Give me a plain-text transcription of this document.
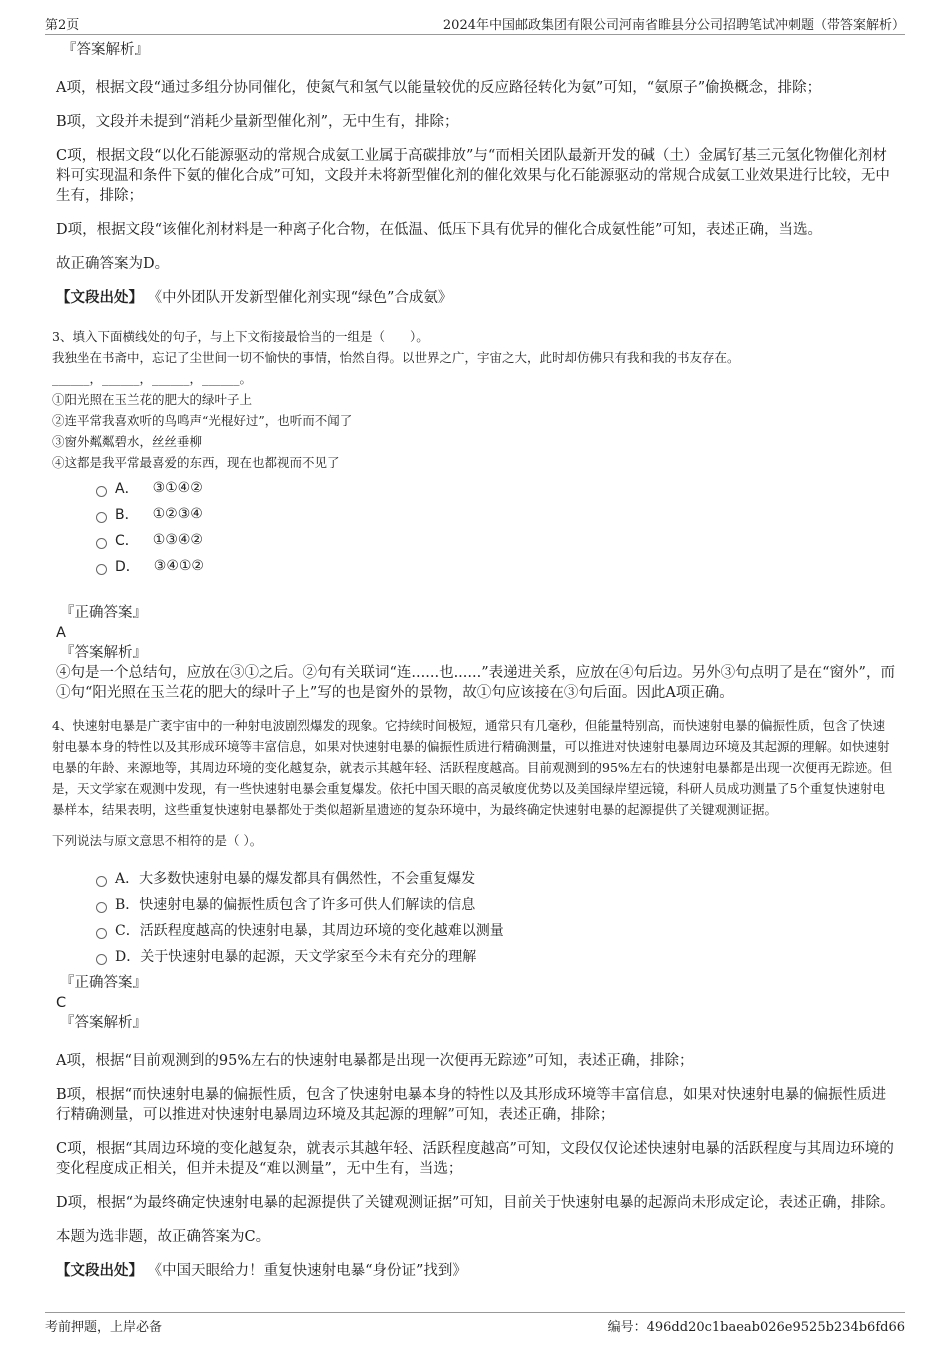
第2页	2024年中国邮政集团有限公司河南省睢县分公司招聘笔试冲刺题（带答案解析）

『答案解析』

A项，根据文段“通过多组分协同催化，使氮气和氢气以能量较优的反应路径转化为氨”可知，“氨原子”偷换概念，排除；

B项，文段并未提到“消耗少量新型催化剂”，无中生有，排除；

C项，根据文段“以化石能源驱动的常规合成氨工业属于高碳排放”与“而相关团队最新开发的碱（土）金属钌基三元氢化物催化剂材料可实现温和条件下氨的催化合成”可知，文段并未将新型催化剂的催化效果与化石能源驱动的常规合成氨工业效果进行比较，无中生有，排除；

D项，根据文段“该催化剂材料是一种离子化合物，在低温、低压下具有优异的催化合成氨性能”可知，表述正确，当选。

故正确答案为D。

【文段出处】 《中外团队开发新型催化剂实现“绿色”合成氨》

3、填入下面横线处的句子，与上下文衔接最恰当的一组是（　　）。

我独坐在书斋中，忘记了尘世间一切不愉快的事情，怡然自得。以世界之广，宇宙之大，此时却仿佛只有我和我的书友存在。

______，______，______，______。

①阳光照在玉兰花的肥大的绿叶子上

②连平常我喜欢听的鸟鸣声“光棍好过”，也听而不闻了

③窗外粼粼碧水，丝丝垂柳

④这都是我平常最喜爱的东西，现在也都视而不见了

A． ③①④②
B． ①②③④
C． ①③④②
D． ③④①②

『正确答案』

A

『答案解析』

④句是一个总结句，应放在③①之后。②句有关联词“连......也......”表递进关系，应放在④句后边。另外③句点明了是在“窗外”，而①句“阳光照在玉兰花的肥大的绿叶子上”写的也是窗外的景物，故①句应该接在③句后面。因此A项正确。

4、快速射电暴是广袤宇宙中的一种射电波剧烈爆发的现象。它持续时间极短，通常只有几毫秒，但能量特别高，而快速射电暴的偏振性质，包含了快速射电暴本身的特性以及其形成环境等丰富信息，如果对快速射电暴的偏振性质进行精确测量，可以推进对快速射电暴周边环境及其起源的理解。如快速射电暴的年龄、来源地等，其周边环境的变化越复杂，就表示其越年轻、活跃程度越高。目前观测到的95%左右的快速射电暴都是出现一次便再无踪迹。但是，天文学家在观测中发现，有一些快速射电暴会重复爆发。依托中国天眼的高灵敏度优势以及美国绿岸望远镜，科研人员成功测量了5个重复快速射电暴样本，结果表明，这些重复快速射电暴都处于类似超新星遗迹的复杂环境中，为最终确定快速射电暴的起源提供了关键观测证据。

下列说法与原文意思不相符的是（ ）。

A． 大多数快速射电暴的爆发都具有偶然性，不会重复爆发
B． 快速射电暴的偏振性质包含了许多可供人们解读的信息
C． 活跃程度越高的快速射电暴，其周边环境的变化越难以测量
D． 关于快速射电暴的起源，天文学家至今未有充分的理解

『正确答案』

C

『答案解析』

A项，根据“目前观测到的95%左右的快速射电暴都是出现一次便再无踪迹”可知，表述正确，排除；

B项，根据“而快速射电暴的偏振性质，包含了快速射电暴本身的特性以及其形成环境等丰富信息，如果对快速射电暴的偏振性质进行精确测量，可以推进对快速射电暴周边环境及其起源的理解”可知，表述正确，排除；

C项，根据“其周边环境的变化越复杂，就表示其越年轻、活跃程度越高”可知，文段仅仅论述快速射电暴的活跃程度与其周边环境的变化程度成正相关，但并未提及“难以测量”，无中生有，当选；

D项，根据“为最终确定快速射电暴的起源提供了关键观测证据”可知，目前关于快速射电暴的起源尚未形成定论，表述正确，排除。

本题为选非题，故正确答案为C。

【文段出处】 《中国天眼给力！重复快速射电暴“身份证”找到》

考前押题，上岸必备	编号：496dd20c1baeab026e9525b234b6fd66
